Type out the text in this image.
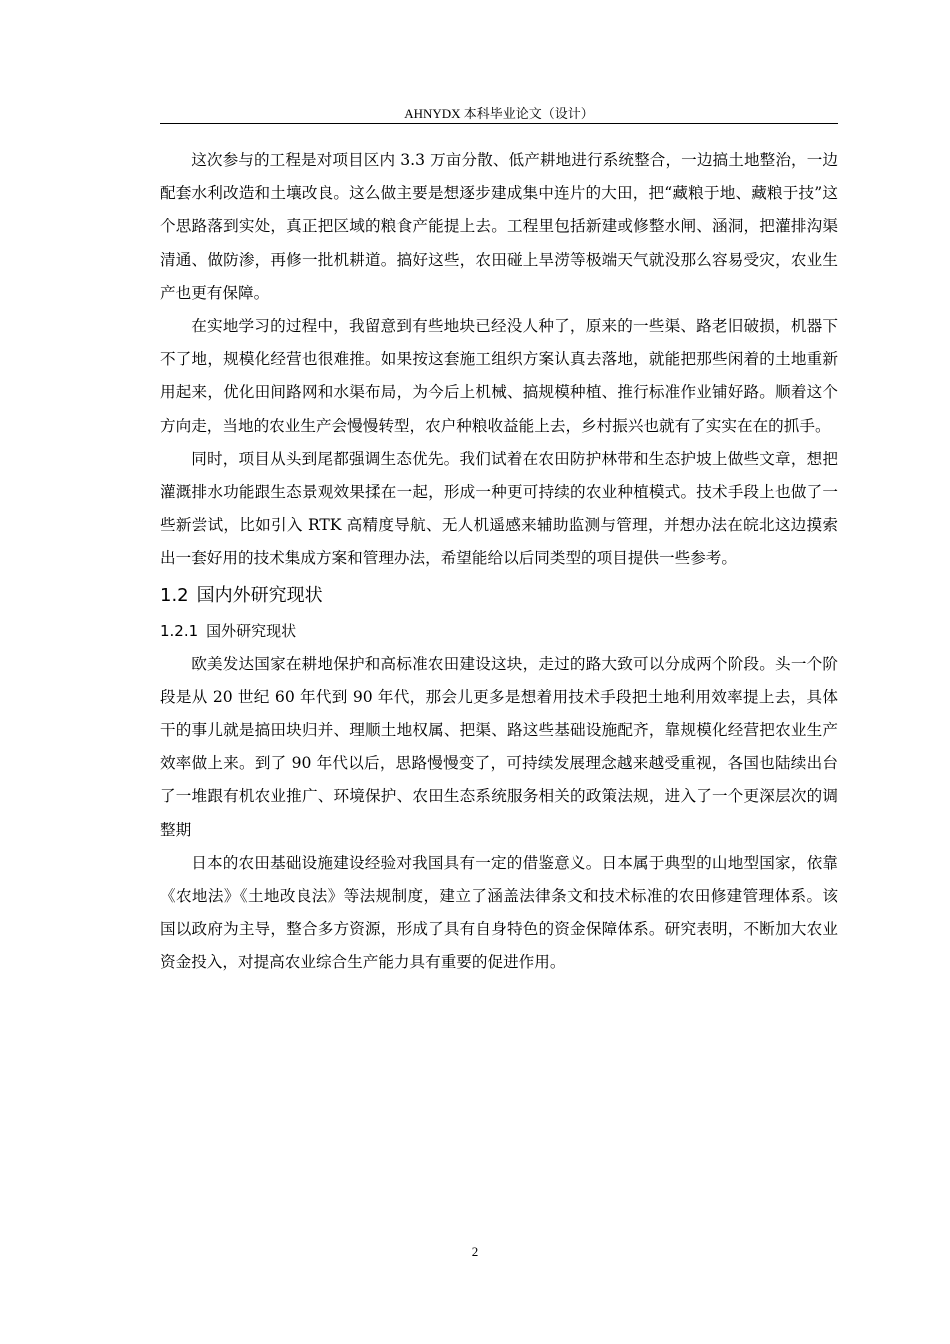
AHNYDX 本科毕业论文（设计）

这次参与的工程是对项目区内 3.3 万亩分散、低产耕地进行系统整合，一边搞土地整治，一边配套水利改造和土壤改良。这么做主要是想逐步建成集中连片的大田，把“藏粮于地、藏粮于技”这个思路落到实处，真正把区域的粮食产能提上去。工程里包括新建或修整水闸、涵洞，把灌排沟渠清通、做防渗，再修一批机耕道。搞好这些，农田碰上旱涝等极端天气就没那么容易受灾，农业生产也更有保障。

在实地学习的过程中，我留意到有些地块已经没人种了，原来的一些渠、路老旧破损，机器下不了地，规模化经营也很难推。如果按这套施工组织方案认真去落地，就能把那些闲着的土地重新用起来，优化田间路网和水渠布局，为今后上机械、搞规模种植、推行标准作业铺好路。顺着这个方向走，当地的农业生产会慢慢转型，农户种粮收益能上去，乡村振兴也就有了实实在在的抓手。

同时，项目从头到尾都强调生态优先。我们试着在农田防护林带和生态护坡上做些文章，想把灌溉排水功能跟生态景观效果揉在一起，形成一种更可持续的农业种植模式。技术手段上也做了一些新尝试，比如引入 RTK 高精度导航、无人机遥感来辅助监测与管理，并想办法在皖北这边摸索出一套好用的技术集成方案和管理办法，希望能给以后同类型的项目提供一些参考。

1.2 国内外研究现状
1.2.1 国外研究现状

欧美发达国家在耕地保护和高标准农田建设这块，走过的路大致可以分成两个阶段。头一个阶段是从 20 世纪 60 年代到 90 年代，那会儿更多是想着用技术手段把土地利用效率提上去，具体干的事儿就是搞田块归并、理顺土地权属、把渠、路这些基础设施配齐，靠规模化经营把农业生产效率做上来。到了 90 年代以后，思路慢慢变了，可持续发展理念越来越受重视，各国也陆续出台了一堆跟有机农业推广、环境保护、农田生态系统服务相关的政策法规，进入了一个更深层次的调整期

日本的农田基础设施建设经验对我国具有一定的借鉴意义。日本属于典型的山地型国家，依靠《农地法》《土地改良法》等法规制度，建立了涵盖法律条文和技术标准的农田修建管理体系。该国以政府为主导，整合多方资源，形成了具有自身特色的资金保障体系。研究表明，不断加大农业资金投入，对提高农业综合生产能力具有重要的促进作用。

2
